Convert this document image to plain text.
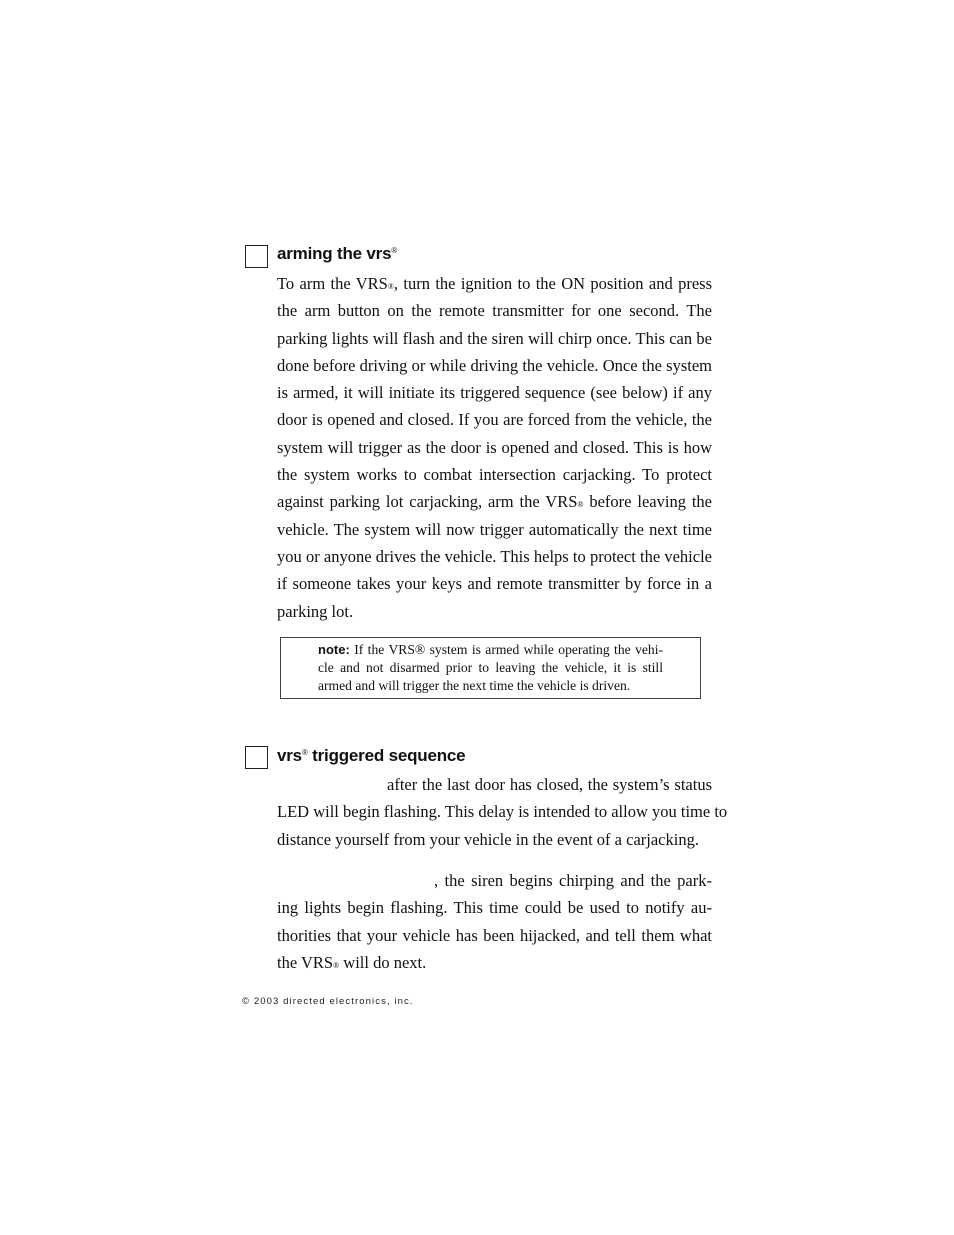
arming the vrs®
To arm the VRS®, turn the ignition to the ON position and press
the arm button on the remote transmitter for one second. The
parking lights will flash and the siren will chirp once. This can be
done before driving or while driving the vehicle. Once the system
is armed, it will initiate its triggered sequence (see below) if any
door is opened and closed. If you are forced from the vehicle, the
system will trigger as the door is opened and closed. This is how
the system works to combat intersection carjacking. To protect
against parking lot carjacking, arm the VRS® before leaving the
vehicle. The system will now trigger automatically the next time
you or anyone drives the vehicle. This helps to protect the vehicle
if someone takes your keys and remote transmitter by force in a
parking lot.
note: If the VRS® system is armed while operating the vehi-
cle and not disarmed prior to leaving the vehicle, it is still
armed and will trigger the next time the vehicle is driven.
vrs® triggered sequence
after the last door has closed, the system’s status
LED will begin flashing. This delay is intended to allow you time to
distance yourself from your vehicle in the event of a carjacking.
, the siren begins chirping and the park-
ing lights begin flashing. This time could be used to notify au-
thorities that your vehicle has been hijacked, and tell them what
the VRS® will do next.
© 2003 directed electronics, inc.
